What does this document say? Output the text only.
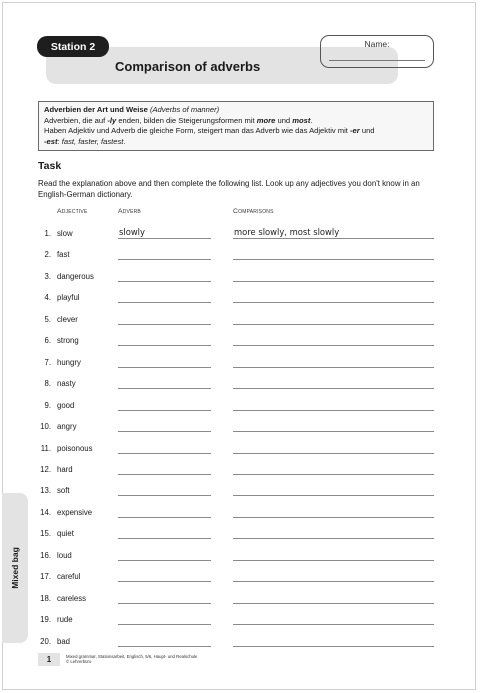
Station 2
Comparison of adverbs
Name:

Adverbien der Art und Weise (Adverbs of manner)

Adverbien, die auf -ly enden, bilden die Steigerungsformen mit more und most.

Haben Adjektiv und Adverb die gleiche Form, steigert man das Adverb wie das Adjektiv mit -er und

-est: fast, faster, fastest.

Task

Read the explanation above and then complete the following list. Look up any adjectives you don't know in an English-German dictionary.

Adjective	Adverb	Comparisons
1. slow	slowly	more slowly, most slowly
2. fast
3. dangerous
4. playful
5. clever
6. strong
7. hungry
8. nasty
9. good
10. angry
11. poisonous
12. hard
13. soft
14. expensive
15. quiet
16. loud
17. careful
18. careless
19. rude
20. bad
Mixed bag
1	Mixed grammar, Stationsarbeit, Englisch, 5/6, Haupt- und Realschule
© Lehrerbüro
